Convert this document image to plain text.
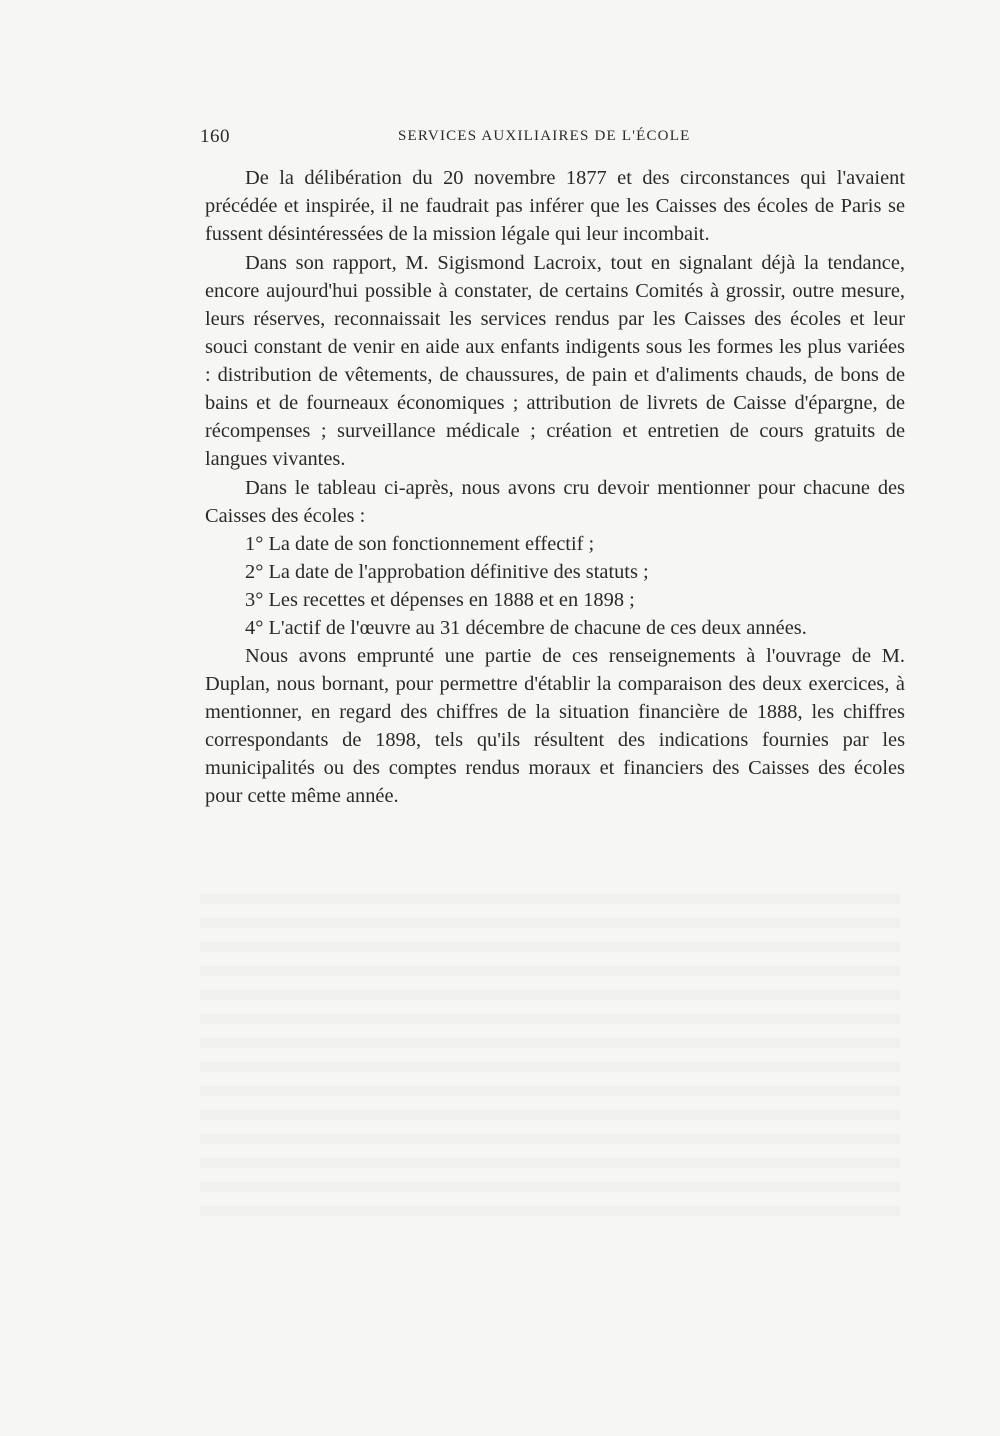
160	SERVICES AUXILIAIRES DE L'ÉCOLE

De la délibération du 20 novembre 1877 et des circonstances qui l'avaient précédée et inspirée, il ne faudrait pas inférer que les Caisses des écoles de Paris se fussent désintéressées de la mission légale qui leur incombait.

Dans son rapport, M. Sigismond Lacroix, tout en signalant déjà la tendance, encore aujourd'hui possible à constater, de certains Comités à grossir, outre mesure, leurs réserves, reconnaissait les services rendus par les Caisses des écoles et leur souci constant de venir en aide aux enfants indigents sous les formes les plus variées : distribution de vêtements, de chaussures, de pain et d'aliments chauds, de bons de bains et de fourneaux économiques ; attribution de livrets de Caisse d'épargne, de récompenses ; surveillance médicale ; création et entretien de cours gratuits de langues vivantes.

Dans le tableau ci-après, nous avons cru devoir mentionner pour chacune des Caisses des écoles :

1° La date de son fonctionnement effectif ;

2° La date de l'approbation définitive des statuts ;

3° Les recettes et dépenses en 1888 et en 1898 ;

4° L'actif de l'œuvre au 31 décembre de chacune de ces deux années.

Nous avons emprunté une partie de ces renseignements à l'ouvrage de M. Duplan, nous bornant, pour permettre d'établir la comparaison des deux exercices, à mentionner, en regard des chiffres de la situation financière de 1888, les chiffres correspondants de 1898, tels qu'ils résultent des indications fournies par les municipalités ou des comptes rendus moraux et financiers des Caisses des écoles pour cette même année.
